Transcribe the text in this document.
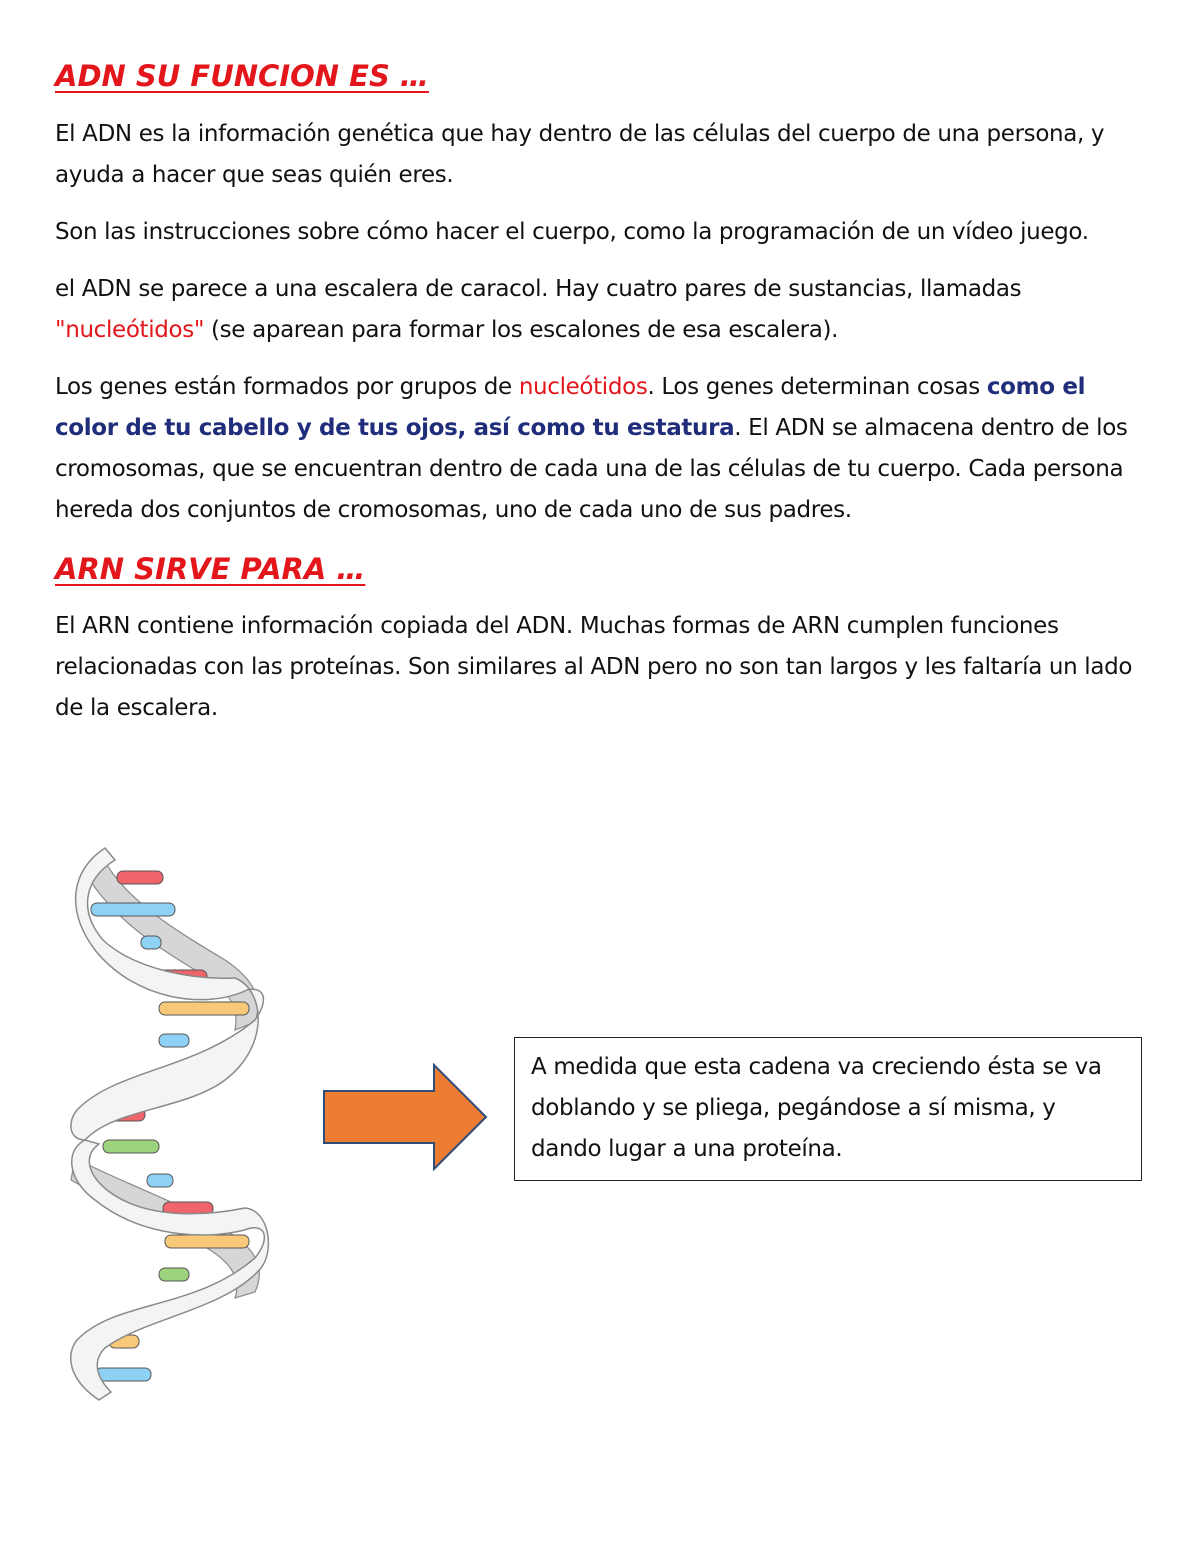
ADN SU FUNCION ES …

El ADN es la información genética que hay dentro de las células del cuerpo de una persona, y ayuda a hacer que seas quién eres.

Son las instrucciones sobre cómo hacer el cuerpo, como la programación de un vídeo juego.

el ADN se parece a una escalera de caracol. Hay cuatro pares de sustancias, llamadas "nucleótidos" (se aparean para formar los escalones de esa escalera).

Los genes están formados por grupos de nucleótidos. Los genes determinan cosas como el color de tu cabello y de tus ojos, así como tu estatura. El ADN se almacena dentro de los cromosomas, que se encuentran dentro de cada una de las células de tu cuerpo. Cada persona hereda dos conjuntos de cromosomas, uno de cada uno de sus padres.

ARN SIRVE PARA …

El ARN contiene información copiada del ADN. Muchas formas de ARN cumplen funciones relacionadas con las proteínas. Son similares al ADN pero no son tan largos y les faltaría un lado de la escalera.

A medida que esta cadena va creciendo ésta se va doblando y se pliega, pegándose a sí misma, y dando lugar a una proteína.
